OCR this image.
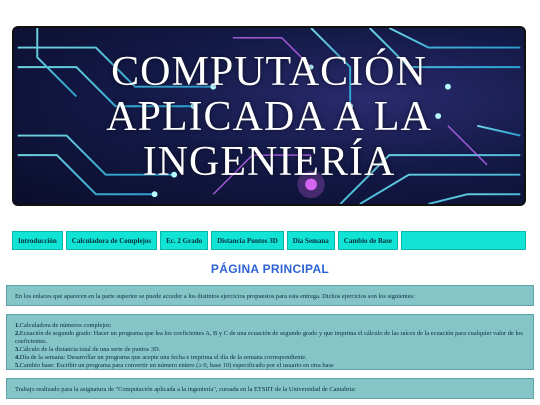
COMPUTACIÓN
APLICADA A LA
INGENIERÍA
Introducción	Calculadora de Complejos	Ec. 2 Grado	Distancia Puntos 3D	Día Semana	Cambio de Base
PÁGINA PRINCIPAL

En los enlaces que aparecen en la parte superior se puede acceder a los distintos ejercicios propuestos para esta entrega. Dichos ejercicios son los siguientes:

1.Calculadora de números complejos:
2.Ecuación de segundo grado: Hacer un programa que lea los coeficientes A, B y C de una ecuación de segundo grado y que imprima el cálculo de las raíces de la ecuación para cualquier valor de los coeficientes.
3.Cálculo de la distancia total de una serie de puntos 3D.
4.Día de la semana: Desarrollar un programa que acepte una fecha e imprima el día de la semana correspondiente.
5.Cambio base: Escribir un programa para convertir un número entero (≥ 0, base 10) especificado por el usuario en otra base

Trabajo realizado para la asignatura de "Computación aplicada a la ingeniería", cursada en la ETSIIT de la Universidad de Cantabria:
